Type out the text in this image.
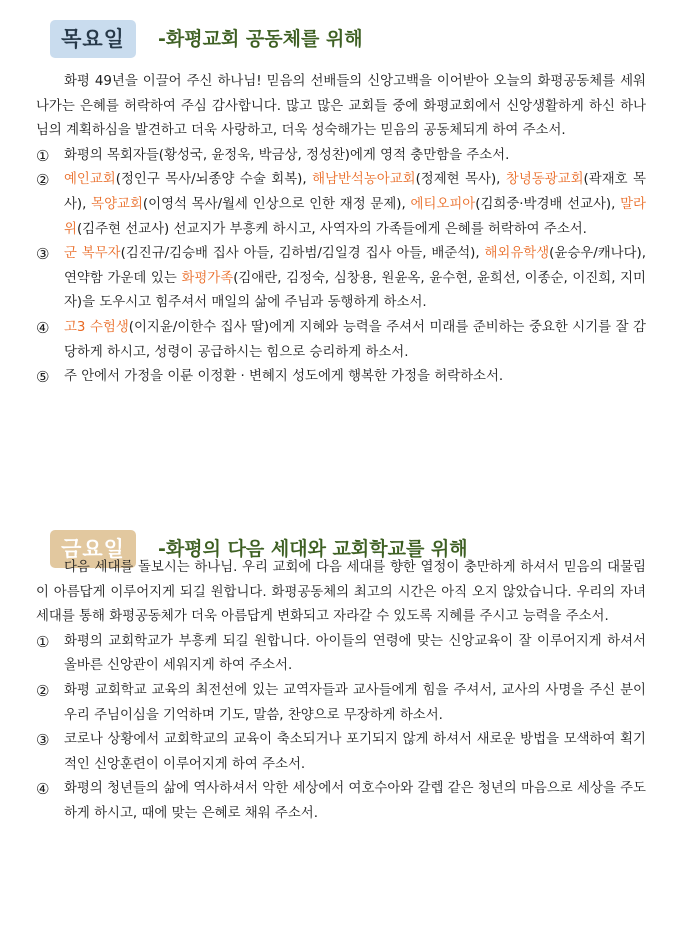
목요일	-화평교회 공동체를 위해

화평 49년을 이끌어 주신 하나님! 믿음의 선배들의 신앙고백을 이어받아 오늘의 화평공동체를 세워나가는 은혜를 허락하여 주심 감사합니다. 많고 많은 교회들 중에 화평교회에서 신앙생활하게 하신 하나님의 계획하심을 발견하고 더욱 사랑하고, 더욱 성숙해가는 믿음의 공동체되게 하여 주소서.

① 화평의 목회자들(황성국, 윤정욱, 박금상, 정성찬)에게 영적 충만함을 주소서.

② 예인교회(정인구 목사/뇌종양 수술 회복), 해남반석농아교회(정제현 목사), 창녕동광교회(곽재호 목사), 목양교회(이영석 목사/월세 인상으로 인한 재정 문제), 에티오피아(김희중·박경배 선교사), 말라위(김주현 선교사) 선교지가 부흥케 하시고, 사역자의 가족들에게 은혜를 허락하여 주소서.

③ 군 복무자(김진규/김승배 집사 아들, 김하범/김일경 집사 아들, 배준석), 해외유학생(윤승우/캐나다), 연약함 가운데 있는 화평가족(김애란, 김정숙, 심창용, 원윤옥, 윤수현, 윤희선, 이종순, 이진희, 지미자)을 도우시고 힘주셔서 매일의 삶에 주님과 동행하게 하소서.

④ 고3 수험생(이지윤/이한수 집사 딸)에게 지혜와 능력을 주셔서 미래를 준비하는 중요한 시기를 잘 감당하게 하시고, 성령이 공급하시는 힘으로 승리하게 하소서.

⑤ 주 안에서 가정을 이룬 이정환 · 변혜지 성도에게 행복한 가정을 허락하소서.

금요일	-화평의 다음 세대와 교회학교를 위해

다음 세대를 돌보시는 하나님. 우리 교회에 다음 세대를 향한 열정이 충만하게 하셔서 믿음의 대물림이 아름답게 이루어지게 되길 원합니다. 화평공동체의 최고의 시간은 아직 오지 않았습니다. 우리의 자녀 세대를 통해 화평공동체가 더욱 아름답게 변화되고 자라갈 수 있도록 지혜를 주시고 능력을 주소서.

① 화평의 교회학교가 부흥케 되길 원합니다. 아이들의 연령에 맞는 신앙교육이 잘 이루어지게 하셔서 올바른 신앙관이 세워지게 하여 주소서.

② 화평 교회학교 교육의 최전선에 있는 교역자들과 교사들에게 힘을 주셔서, 교사의 사명을 주신 분이 우리 주님이심을 기억하며 기도, 말씀, 찬양으로 무장하게 하소서.

③ 코로나 상황에서 교회학교의 교육이 축소되거나 포기되지 않게 하셔서 새로운 방법을 모색하여 획기적인 신앙훈련이 이루어지게 하여 주소서.

④ 화평의 청년들의 삶에 역사하셔서 악한 세상에서 여호수아와 갈렙 같은 청년의 마음으로 세상을 주도하게 하시고, 때에 맞는 은혜로 채워 주소서.
